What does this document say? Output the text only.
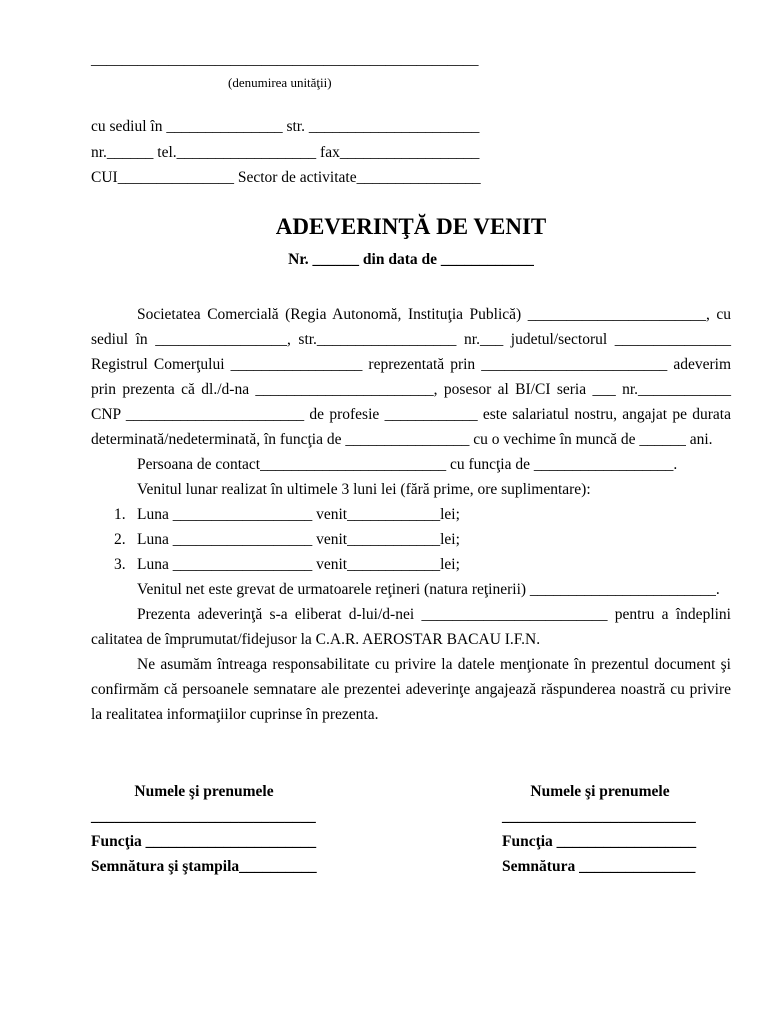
__________________________________________________
(denumirea unităţii)
cu sediul în _______________ str. ______________________
nr.______ tel.__________________ fax__________________
CUI_______________ Sector de activitate________________
ADEVERINŢĂ DE VENIT
Nr. ______ din data de ____________
Societatea Comercială (Regia Autonomă, Instituţia Publică) _______________________, cu
sediul în _________________, str.__________________ nr.___ judetul/sectorul _______________
Registrul Comerţului _________________ reprezentată prin ________________________ adeverim
prin prezenta că dl./d-na _______________________, posesor al BI/CI seria ___ nr.____________
CNP _______________________ de profesie ____________ este salariatul nostru, angajat pe durata
determinată/nedeterminată, în funcţia de ________________ cu o vechime în muncă de ______ ani.
Persoana de contact________________________ cu funcţia de __________________.
Venitul lunar realizat în ultimele 3 luni lei (fără prime, ore suplimentare):
1. Luna __________________ venit____________lei;
2. Luna __________________ venit____________lei;
3. Luna __________________ venit____________lei;
Venitul net este grevat de urmatoarele reţineri (natura reţinerii) ________________________.
Prezenta adeverinţă s-a eliberat d-lui/d-nei ________________________ pentru a îndeplini
calitatea de împrumutat/fidejusor la C.A.R. AEROSTAR BACAU I.F.N.
Ne asumăm întreaga responsabilitate cu privire la datele menţionate în prezentul document şi
confirmăm că persoanele semnatare ale prezentei adeverinţe angajează răspunderea noastră cu privire
la realitatea informaţiilor cuprinse în prezenta.
Numele şi prenumele
_____________________________
Funcţia ______________________
Semnătura şi ştampila__________
Numele şi prenumele
_________________________
Funcţia __________________
Semnătura _______________
